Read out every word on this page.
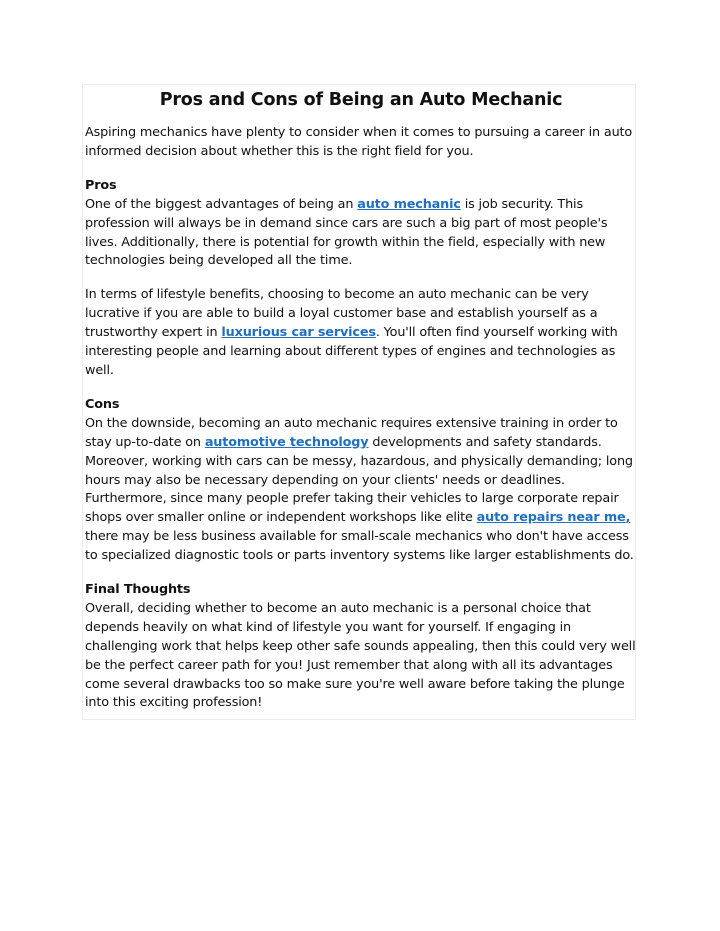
Pros and Cons of Being an Auto Mechanic

Aspiring mechanics have plenty to consider when it comes to pursuing a career in auto informed decision about whether this is the right field for you.

Pros
One of the biggest advantages of being an auto mechanic is job security. This profession will always be in demand since cars are such a big part of most people's lives. Additionally, there is potential for growth within the field, especially with new technologies being developed all the time.

In terms of lifestyle benefits, choosing to become an auto mechanic can be very lucrative if you are able to build a loyal customer base and establish yourself as a trustworthy expert in luxurious car services. You'll often find yourself working with interesting people and learning about different types of engines and technologies as well.

Cons
On the downside, becoming an auto mechanic requires extensive training in order to stay up-to-date on automotive technology developments and safety standards. Moreover, working with cars can be messy, hazardous, and physically demanding; long hours may also be necessary depending on your clients' needs or deadlines. Furthermore, since many people prefer taking their vehicles to large corporate repair shops over smaller online or independent workshops like elite auto repairs near me, there may be less business available for small-scale mechanics who don't have access to specialized diagnostic tools or parts inventory systems like larger establishments do.

Final Thoughts
Overall, deciding whether to become an auto mechanic is a personal choice that depends heavily on what kind of lifestyle you want for yourself. If engaging in challenging work that helps keep other safe sounds appealing, then this could very well be the perfect career path for you! Just remember that along with all its advantages come several drawbacks too so make sure you're well aware before taking the plunge into this exciting profession!
